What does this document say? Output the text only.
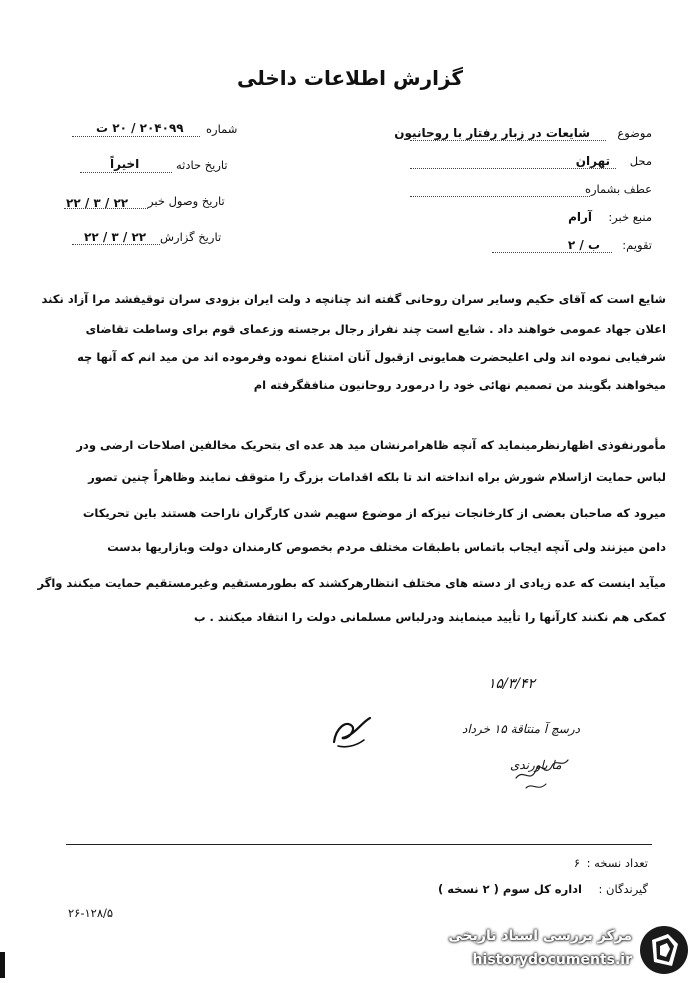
گزارش اطلاعات داخلی
موضوع
شایعات در زبار رفتار با روحانیون
محل
تهران
عطف بشماره
منبع خبر:
آرام
تقویم:
ب / ۲
شماره
۲۰۴۰۹۹ / ۲۰ ت
تاریخ حادثه
اخیراً
تاریخ وصول خبر
۲۲ / ۳ / ۲۲
تاریخ گزارش
۲۲ / ۳ / ۲۲
شایع است که آقای حکیم وسایر سران روحانی گفته اند چنانچه د ولت ایران بزودی سران توقیفشد مرا آزاد نکند
اعلان جهاد عمومی خواهند داد . شایع است چند نفراز رجال برجسته وزعمای قوم برای وساطت تقاضای
شرفیابی نموده اند ولی اعلیحضرت همایونی ازقبول آنان امتناع نموده وفرموده اند من مید انم که آنها چه
میخواهند بگویند من تصمیم نهائی خود را درمورد روحانیون منافقگرفته ام
مأمورنفوذی اظهارنظرمینماید که آنچه ظاهرامرنشان مید هد عده ای بتحریک مخالفین اصلاحات ارضی ودر
لباس حمایت ازاسلام شورش براه انداخته اند تا بلکه اقدامات بزرگ را متوقف نمایند وظاهراً چنین تصور
میرود که صاحبان بعضی از کارخانجات نیزکه از موضوع سهیم شدن کارگران ناراحت هستند باین تحریکات
دامن میزنند ولی آنچه ایجاب باتماس باطبقات مختلف مردم بخصوص کارمندان دولت وبازاریها بدست
میآید اینست که عده زیادی از دسته های مختلف انتظارهرکشند که بطورمستقیم وغیرمستقیم حمایت میکنند واگر
کمکی هم نکنند کارآنها را تأیید مینمایند ودرلباس مسلمانی دولت را انتقاد میکنند . ب
۱۵/۳/۴۲
درسچ آ منتاقة ۱۵ خرداد
ما یاورندی
تعداد نسخه :
۶
گیرندگان :
اداره کل سوم ( ۲ نسخه )
۲۶-۱۲۸/۵
مرکز بررسی اسناد تاریخی
historydocuments.ir
